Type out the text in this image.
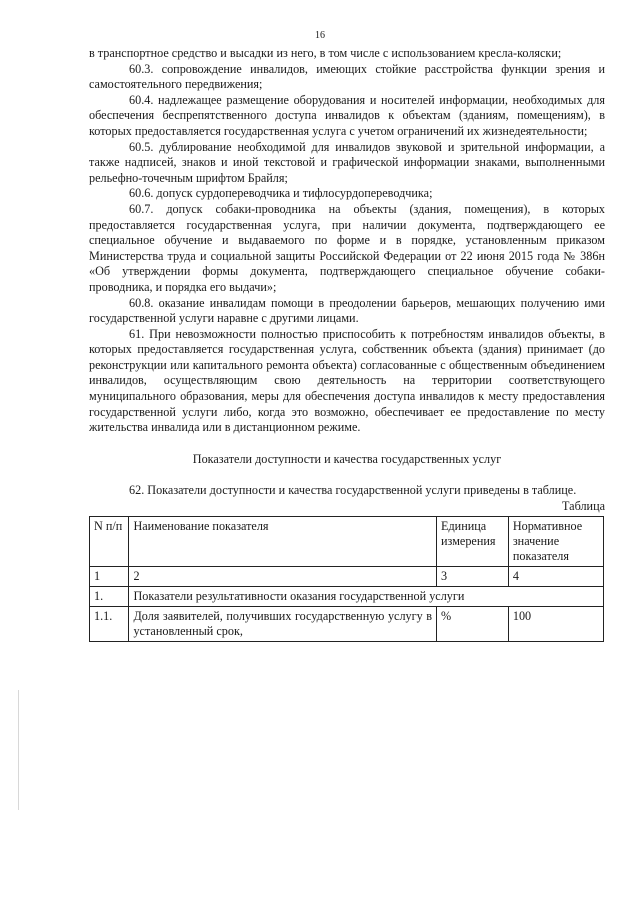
16

в транспортное средство и высадки из него, в том числе с использованием кресла-коляски;

60.3. сопровождение инвалидов, имеющих стойкие расстройства функции зрения и самостоятельного передвижения;

60.4. надлежащее размещение оборудования и носителей информации, необходимых для обеспечения беспрепятственного доступа инвалидов к объектам (зданиям, помещениям), в которых предоставляется государственная услуга с учетом ограничений их жизнедеятельности;

60.5. дублирование необходимой для инвалидов звуковой и зрительной информации, а также надписей, знаков и иной текстовой и графической информации знаками, выполненными рельефно-точечным шрифтом Брайля;

60.6. допуск сурдопереводчика и тифлосурдопереводчика;

60.7. допуск собаки-проводника на объекты (здания, помещения), в которых предоставляется государственная услуга, при наличии документа, подтверждающего ее специальное обучение и выдаваемого по форме и в порядке, установленным приказом Министерства труда и социальной защиты Российской Федерации от 22 июня 2015 года № 386н «Об утверждении формы документа, подтверждающего специальное обучение собаки-проводника, и порядка его выдачи»;

60.8. оказание инвалидам помощи в преодолении барьеров, мешающих получению ими государственной услуги наравне с другими лицами.

61. При невозможности полностью приспособить к потребностям инвалидов объекты, в которых предоставляется государственная услуга, собственник объекта (здания) принимает (до реконструкции или капитального ремонта объекта) согласованные с общественным объединением инвалидов, осуществляющим свою деятельность на территории соответствующего муниципального образования, меры для обеспечения доступа инвалидов к месту предоставления государственной услуги либо, когда это возможно, обеспечивает ее предоставление по месту жительства инвалида или в дистанционном режиме.

Показатели доступности и качества государственных услуг

62. Показатели доступности и качества государственной услуги приведены в таблице.

Таблица

N п/п	Наименование показателя	Единица измерения	Нормативное значение показателя
1	2	3	4
1.	Показатели результативности оказания государственной услуги		
1.1.	Доля заявителей, получивших государственную услугу в установленный срок,	%	100
